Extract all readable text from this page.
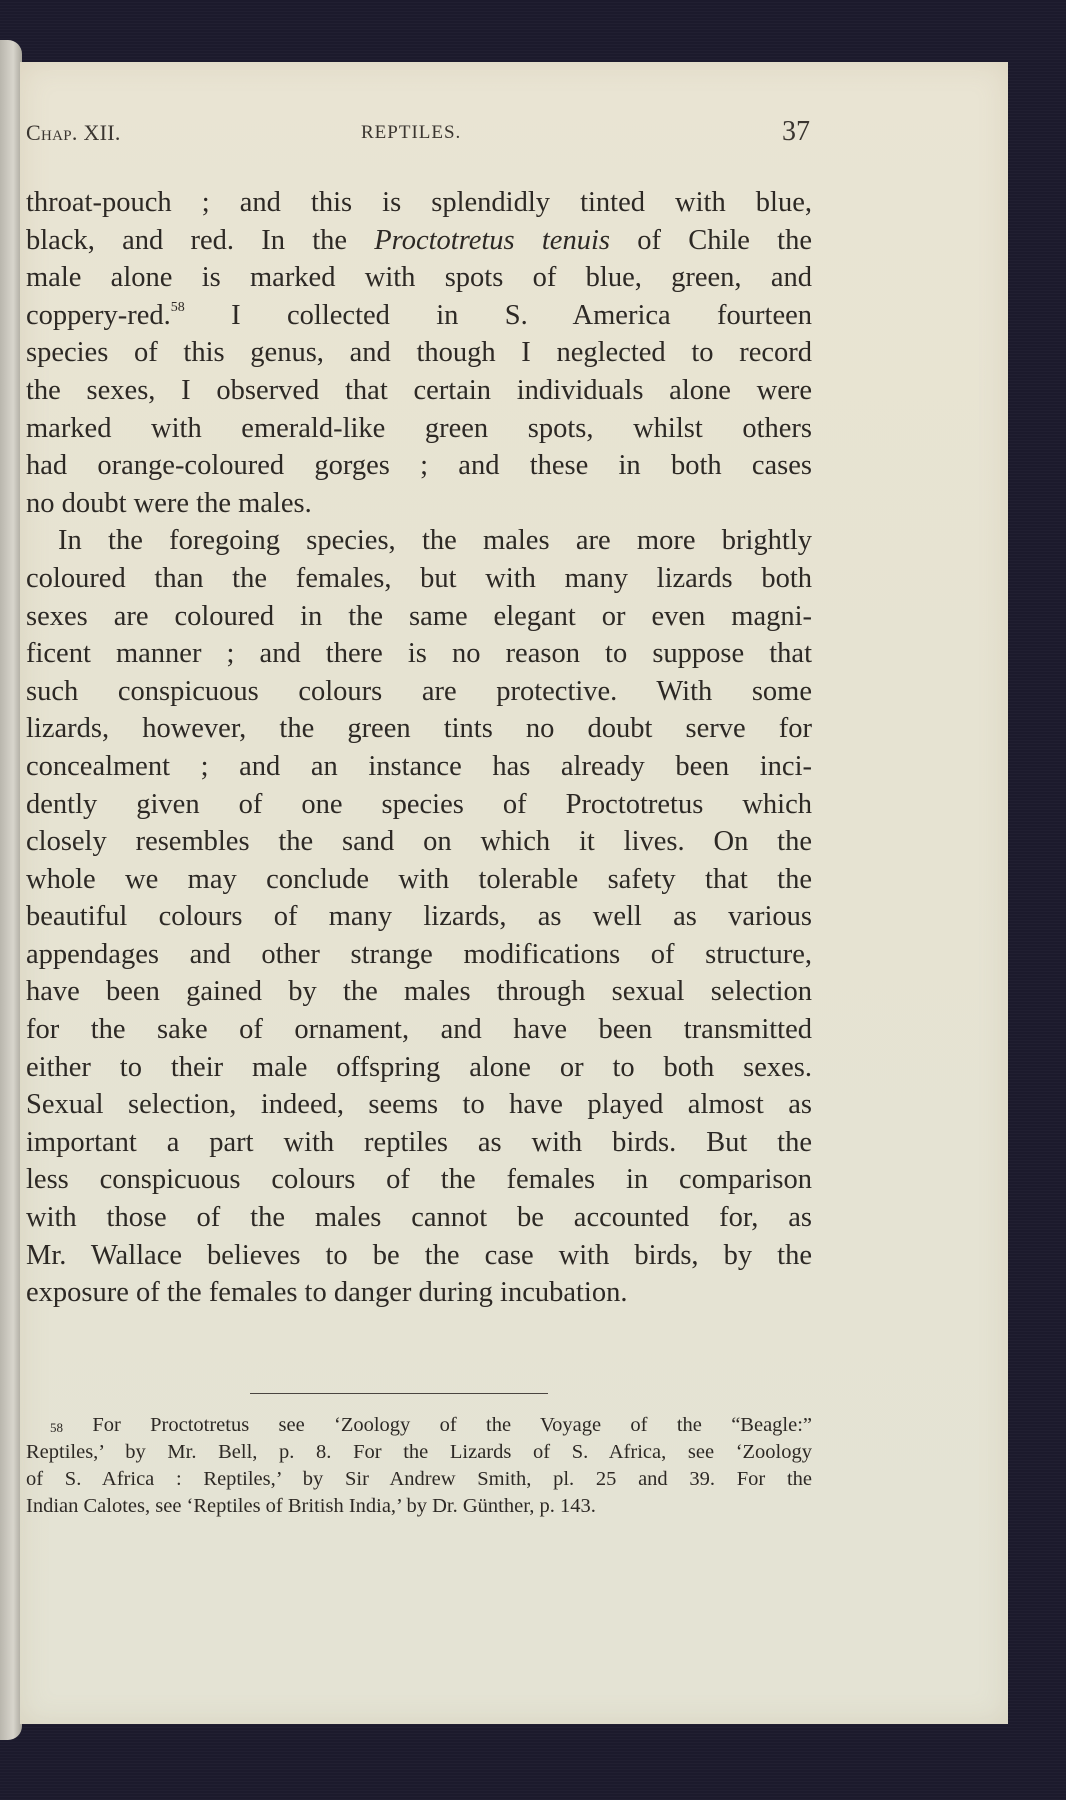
Chap. XII.	REPTILES.	37

throat-pouch ; and this is splendidly tinted with blue,
black, and red. In the Proctotretus tenuis of Chile the
male alone is marked with spots of blue, green, and
coppery-red.$^{58}$ I collected in S. America fourteen
species of this genus, and though I neglected to record
the sexes, I observed that certain individuals alone were
marked with emerald-like green spots, whilst others
had orange-coloured gorges ; and these in both cases
no doubt were the males.

In the foregoing species, the males are more brightly
coloured than the females, but with many lizards both
sexes are coloured in the same elegant or even magni-
ficent manner ; and there is no reason to suppose that
such conspicuous colours are protective. With some
lizards, however, the green tints no doubt serve for
concealment ; and an instance has already been inci-
dently given of one species of Proctotretus which
closely resembles the sand on which it lives. On the
whole we may conclude with tolerable safety that the
beautiful colours of many lizards, as well as various
appendages and other strange modifications of structure,
have been gained by the males through sexual selection
for the sake of ornament, and have been transmitted
either to their male offspring alone or to both sexes.
Sexual selection, indeed, seems to have played almost as
important a part with reptiles as with birds. But the
less conspicuous colours of the females in comparison
with those of the males cannot be accounted for, as
Mr. Wallace believes to be the case with birds, by the
exposure of the females to danger during incubation.

$^{58}$ For Proctotretus see ‘Zoology of the Voyage of the “Beagle:”
Reptiles,’ by Mr. Bell, p. 8. For the Lizards of S. Africa, see ‘Zoology
of S. Africa : Reptiles,’ by Sir Andrew Smith, pl. 25 and 39. For the
Indian Calotes, see ‘Reptiles of British India,’ by Dr. Günther, p. 143.
